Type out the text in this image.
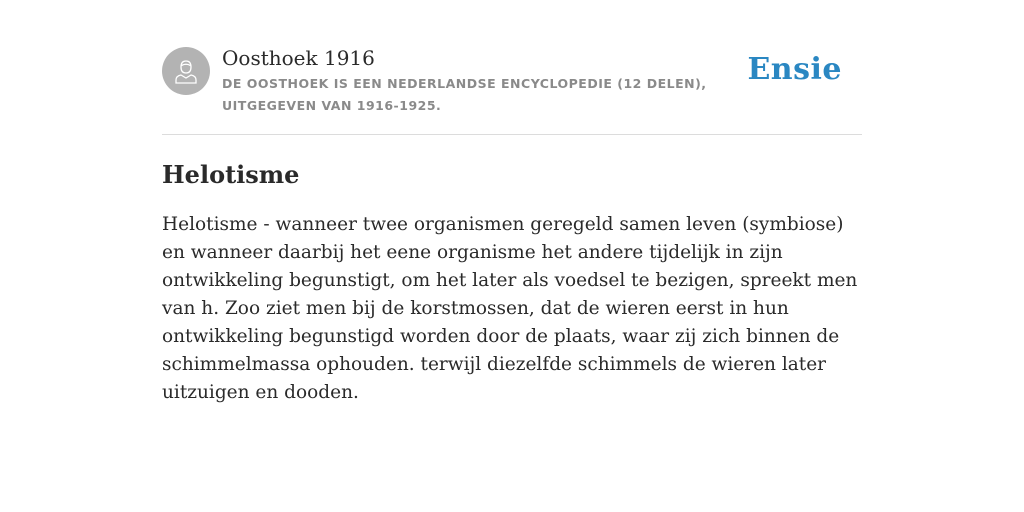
Oosthoek 1916
DE OOSTHOEK IS EEN NEDERLANDSE ENCYCLOPEDIE (12 DELEN), UITGEGEVEN VAN 1916-1925.
Ensie
Helotisme

Helotisme - wanneer twee organismen geregeld samen leven (symbiose) en wanneer daarbij het eene organisme het andere tijdelijk in zijn ontwikkeling begunstigt, om het later als voedsel te bezigen, spreekt men van h. Zoo ziet men bij de korstmossen, dat de wieren eerst in hun ontwikkeling begunstigd worden door de plaats, waar zij zich binnen de schimmelmassa ophouden. terwijl diezelfde schimmels de wieren later uitzuigen en dooden.
